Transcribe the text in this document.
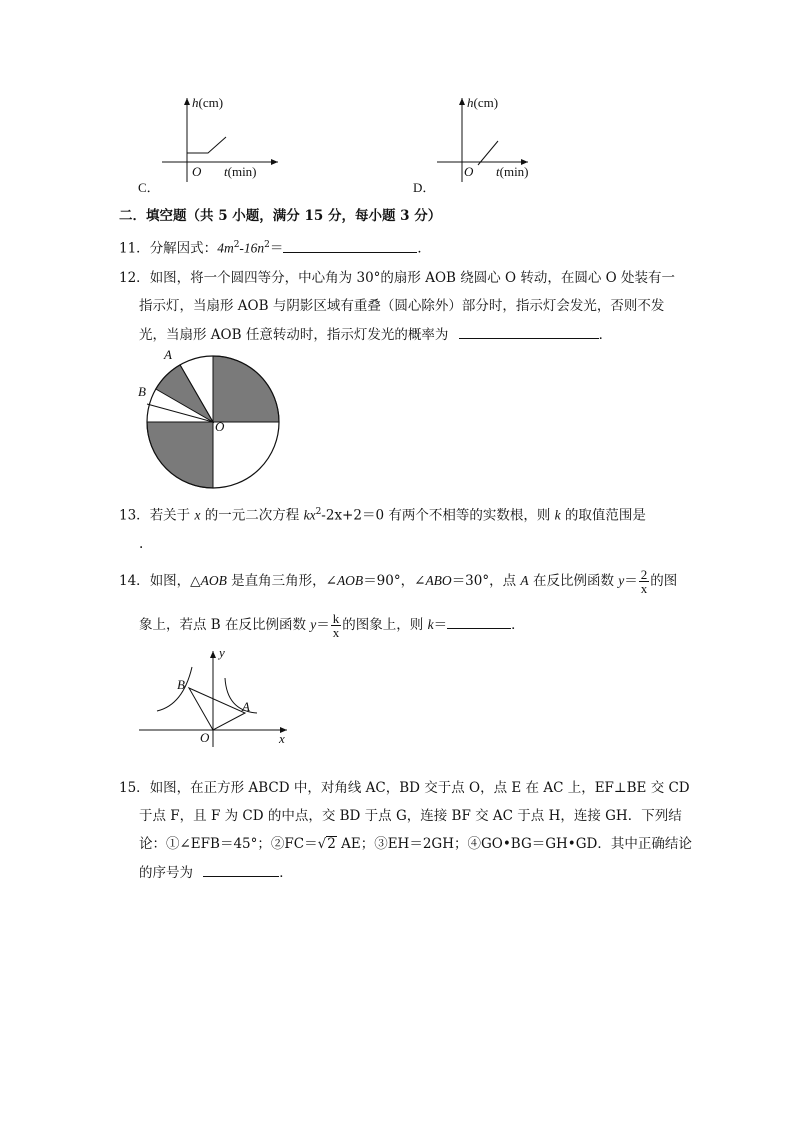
C．
h(cm)
O t(min)
D．
h(cm)
O t(min)
二．填空题（共 5 小题，满分 15 分，每小题 3 分）
11．分解因式：$4m^2-16n^2=$	．
12．如图，将一个圆四等分，中心角为 30°的扇形 AOB 绕圆心 O 转动，在圆心 O 处装有一
指示灯，当扇形 AOB 与阴影区域有重叠（圆心除外）部分时，指示灯会发光，否则不发
光，当扇形 AOB 任意转动时，指示灯发光的概率为	．
A
B
O
13．若关于 x 的一元二次方程 $kx^2-2x+2=0$ 有两个不相等的实数根，则 k 的取值范围是
.
14．如图，△AOB 是直角三角形，∠AOB＝90°，∠ABO＝30°，点 A 在反比例函数 $y= \frac{2}{x}$ 的图
象上，若点 B 在反比例函数 $y= \frac{k}{x}$ 的图象上，则 k＝	．
y
x
O
A
B
15．如图，在正方形 ABCD 中，对角线 AC，BD 交于点 O，点 E 在 AC 上，EF⊥BE 交 CD
于点 F，且 F 为 CD 的中点，交 BD 于点 G，连接 BF 交 AC 于点 H，连接 GH．下列结
论：①∠EFB＝45°；②FC＝√2 AE；③EH＝2GH；④GO•BG＝GH•GD．其中正确结论
的序号为	．
